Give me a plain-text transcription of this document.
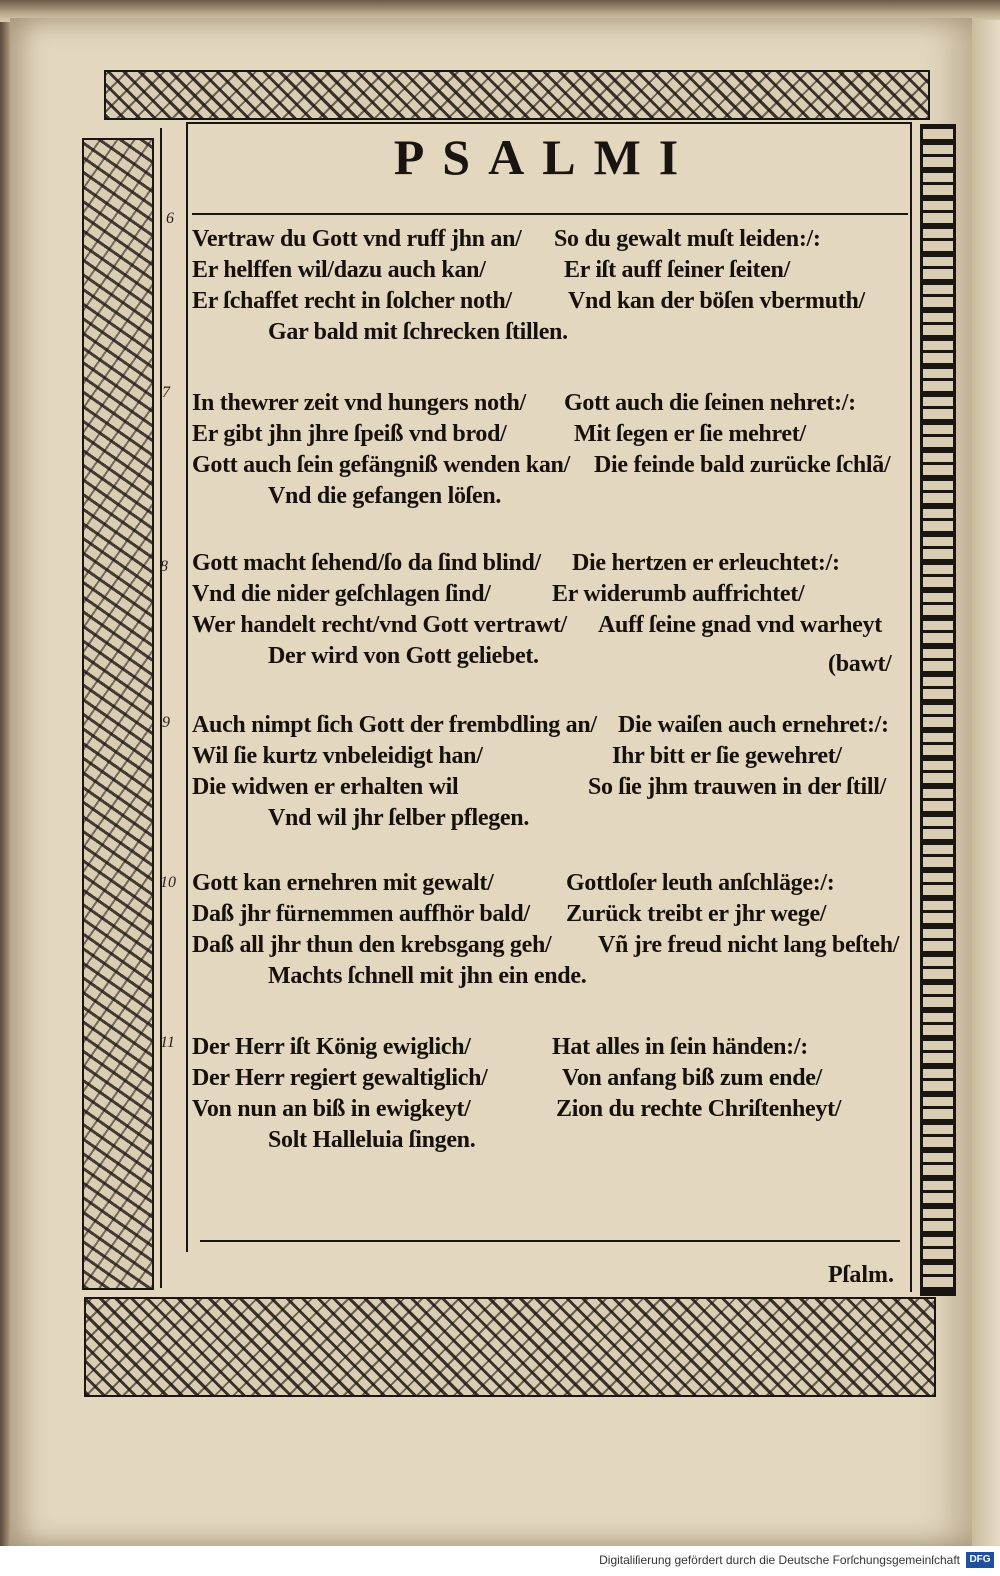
PSALMI
6
7
8
9
10
11
Vertraw du Gott vnd ruff jhn an/ So du gewalt muſt leiden:/:
Er helffen wil/dazu auch kan/	Er iſt auff ſeiner ſeiten/
Er ſchaffet recht in ſolcher noth/ Vnd kan der böſen vbermuth/
Gar bald mit ſchrecken ſtillen.
In thewrer zeit vnd hungers noth/ Gott auch die ſeinen nehret:/:
Er gibt jhn jhre ſpeiß vnd brod/	Mit ſegen er ſie mehret/
Gott auch ſein gefängniß wenden kan/ Die feinde bald zurücke ſchlã/
Vnd die gefangen löſen.
Gott macht ſehend/ſo da ſind blind/ Die hertzen er erleuchtet:/:
Vnd die nider geſchlagen ſind/	Er widerumb auffrichtet/
Wer handelt recht/vnd Gott vertrawt/ Auff ſeine gnad vnd warheyt
Der wird von Gott geliebet.	(bawt/
Auch nimpt ſich Gott der frembdling an/ Die waiſen auch ernehret:/:
Wil ſie kurtz vnbeleidigt han/	Ihr bitt er ſie gewehret/
Die widwen er erhalten wil	So ſie jhm trauwen in der ſtill/
Vnd wil jhr ſelber pflegen.
Gott kan ernehren mit gewalt/	Gottloſer leuth anſchläge:/:
Daß jhr fürnemmen auffhör bald/ Zurück treibt er jhr wege/
Daß all jhr thun den krebsgang geh/ Vñ jre freud nicht lang beſteh/
Machts ſchnell mit jhn ein ende.
Der Herr iſt König ewiglich/	Hat alles in ſein händen:/:
Der Herr regiert gewaltiglich/	Von anfang biß zum ende/
Von nun an biß in ewigkeyt/	Zion du rechte Chriſtenheyt/
Solt Halleluia ſingen.
Pſalm.
Digitaliſierung gefördert durch die Deutsche Forſchungsgemeinſchaft DFG
